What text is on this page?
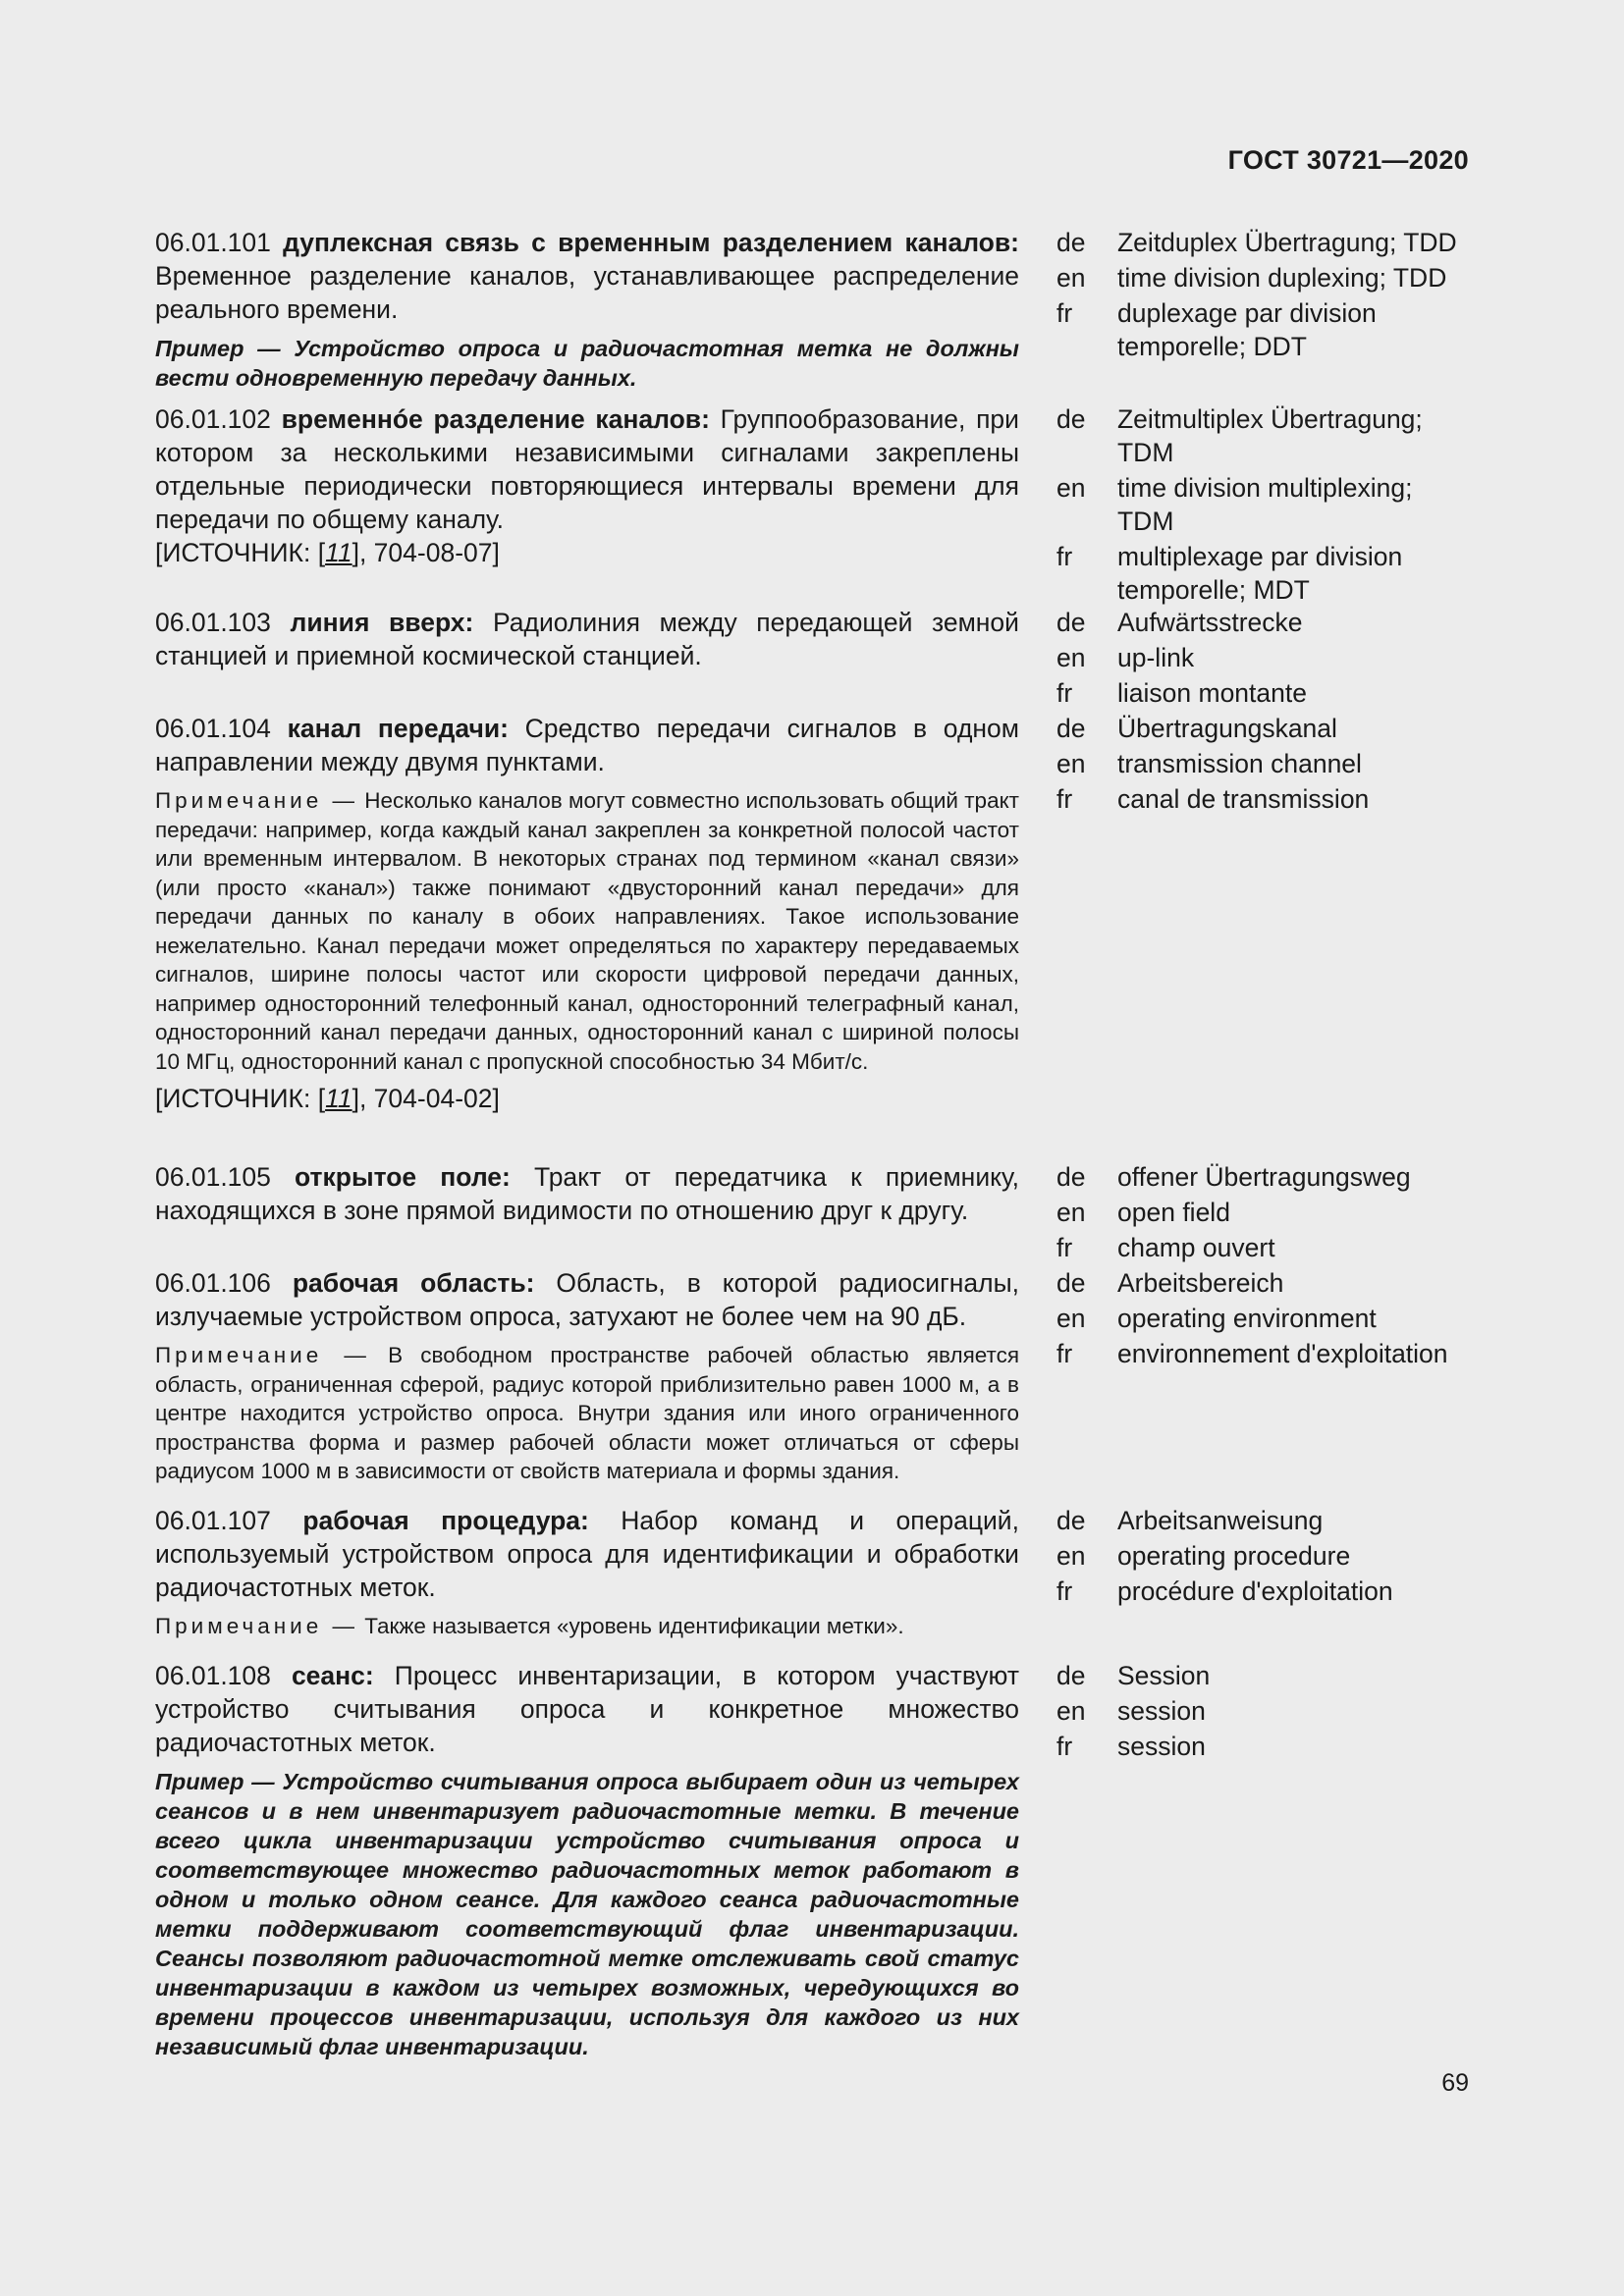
ГОСТ 30721—2020
06.01.101 дуплексная связь с временным разделением каналов: Временное разделение каналов, устанавливающее распределение реального времени.
Пример — Устройство опроса и радиочастотная метка не должны вести одновременную передачу данных.
de	Zeitduplex Übertragung; TDD
en	time division duplexing; TDD
fr	duplexage par division temporelle; DDT
06.01.102 временнóе разделение каналов: Группообразование, при котором за несколькими независимыми сигналами закреплены отдельные периодически повторяющиеся интервалы времени для передачи по общему каналу.
[ИСТОЧНИК: [11], 704-08-07]
de	Zeitmultiplex Übertragung; TDM
en	time division multiplexing; TDM
fr	multiplexage par division temporelle; MDT
06.01.103 линия вверх: Радиолиния между передающей земной станцией и приемной космической станцией.
de	Aufwärtsstrecke
en	up-link
fr	liaison montante
06.01.104 канал передачи: Средство передачи сигналов в одном направлении между двумя пунктами.
Примечание — Несколько каналов могут совместно использовать общий тракт передачи: например, когда каждый канал закреплен за конкретной полосой частот или временным интервалом. В некоторых странах под термином «канал связи» (или просто «канал») также понимают «двусторонний канал передачи» для передачи данных по каналу в обоих направлениях. Такое использование нежелательно. Канал передачи может определяться по характеру передаваемых сигналов, ширине полосы частот или скорости цифровой передачи данных, например односторонний телефонный канал, односторонний телеграфный канал, односторонний канал передачи данных, односторонний канал с шириной полосы 10 МГц, односторонний канал с пропускной способностью 34 Мбит/с.
[ИСТОЧНИК: [11], 704-04-02]
de	Übertragungskanal
en	transmission channel
fr	canal de transmission
06.01.105 открытое поле: Тракт от передатчика к приемнику, находящихся в зоне прямой видимости по отношению друг к другу.
de	offener Übertragungsweg
en	open field
fr	champ ouvert
06.01.106 рабочая область: Область, в которой радиосигналы, излучаемые устройством опроса, затухают не более чем на 90 дБ.
Примечание — В свободном пространстве рабочей областью является область, ограниченная сферой, радиус которой приблизительно равен 1000 м, а в центре находится устройство опроса. Внутри здания или иного ограниченного пространства форма и размер рабочей области может отличаться от сферы радиусом 1000 м в зависимости от свойств материала и формы здания.
de	Arbeitsbereich
en	operating environment
fr	environnement d'exploitation
06.01.107 рабочая процедура: Набор команд и операций, используемый устройством опроса для идентификации и обработки радиочастотных меток.
Примечание — Также называется «уровень идентификации метки».
de	Arbeitsanweisung
en	operating procedure
fr	procédure d'exploitation
06.01.108 сеанс: Процесс инвентаризации, в котором участвуют устройство считывания опроса и конкретное множество радиочастотных меток.
Пример — Устройство считывания опроса выбирает один из четырех сеансов и в нем инвентаризует радиочастотные метки. В течение всего цикла инвентаризации устройство считывания опроса и соответствующее множество радиочастотных меток работают в одном и только одном сеансе. Для каждого сеанса радиочастотные метки поддерживают соответствующий флаг инвентаризации. Сеансы позволяют радиочастотной метке отслеживать свой статус инвентаризации в каждом из четырех возможных, чередующихся во времени процессов инвентаризации, используя для каждого из них независимый флаг инвентаризации.
de	Session
en	session
fr	session
69
